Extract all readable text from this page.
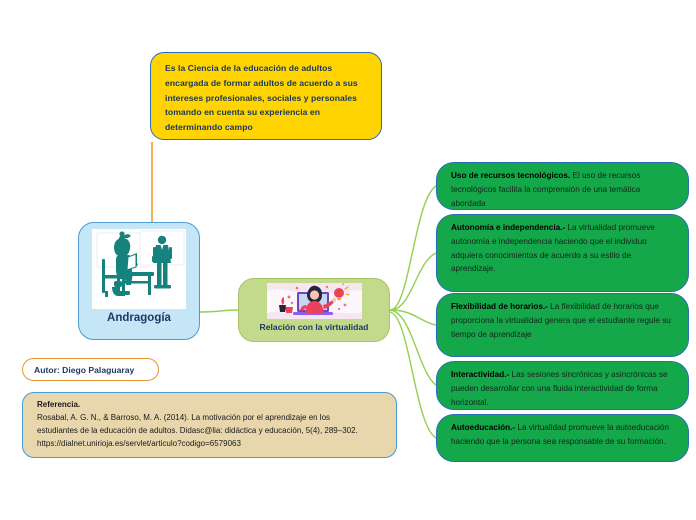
Es la Ciencia de la educación de adultos encargada de formar adultos de acuerdo a sus intereses profesionales, sociales y personales tomando en cuenta su experiencia en determinando campo
Andragogía
Relación con la virtualidad
Uso de recursos tecnológicos. El uso de recursos tecnológicos facilita la comprensión de una temática abordada
Autonomía e independencia.- La virtualidad promueve autonomía e independencia haciendo que el individuo adquiera conocimientos de acuerdo a su estilo de aprendizaje.
Flexibilidad de horarios.- La flexibilidad de horarios que proporciona la virtualidad genera que el estudiante regule su tiempo de aprendizaje
Interactividad.- Las sesiones sincrónicas y asincrónicas se pueden desarrollar con una fluida interactividad de forma horizontal.
Autoeducación.- La virtualidad promueve la autoeducación haciendo que la persona sea responsable de su formación.
Autor: Diego Palaguaray
Referencia.
Rosabal, A. G. N., & Barroso, M. A. (2014). La motivación por el aprendizaje en los
estudiantes de la educación de adultos. Didasc@lia: didáctica y educación, 5(4), 289–302.
https://dialnet.unirioja.es/servlet/articulo?codigo=6579063
